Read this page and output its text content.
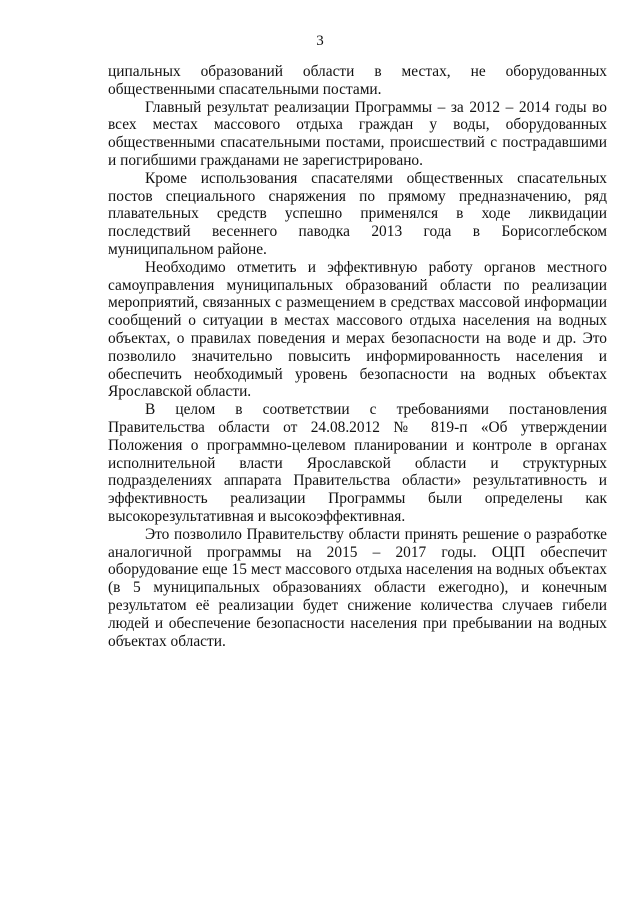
3

ципальных образований области в местах, не оборудованных общественными спасательными постами.

Главный результат реализации Программы – за 2012 – 2014 годы во всех местах массового отдыха граждан у воды, оборудованных общественными спасательными постами, происшествий с пострадавшими и погибшими гражданами не зарегистрировано.

Кроме использования спасателями общественных спасательных постов специального снаряжения по прямому предназначению, ряд плавательных средств успешно применялся в ходе ликвидации последствий весеннего паводка 2013 года в Борисоглебском муниципальном районе.

Необходимо отметить и эффективную работу органов местного самоуправления муниципальных образований области по реализации мероприятий, связанных с размещением в средствах массовой информации сообщений о ситуации в местах массового отдыха населения на водных объектах, о правилах поведения и мерах безопасности на воде и др. Это позволило значительно повысить информированность населения и обеспечить необходимый уровень безопасности на водных объектах Ярославской области.

В целом в соответствии с требованиями постановления Правительства области от 24.08.2012 № 819-п «Об утверждении Положения о программно-целевом планировании и контроле в органах исполнительной власти Ярославской области и структурных подразделениях аппарата Правительства области» результативность и эффективность реализации Программы были определены как высокорезультативная и высокоэффективная.

Это позволило Правительству области принять решение о разработке аналогичной программы на 2015 – 2017 годы. ОЦП обеспечит оборудование еще 15 мест массового отдыха населения на водных объектах (в 5 муниципальных образованиях области ежегодно), и конечным результатом её реализации будет снижение количества случаев гибели людей и обеспечение безопасности населения при пребывании на водных объектах области.
